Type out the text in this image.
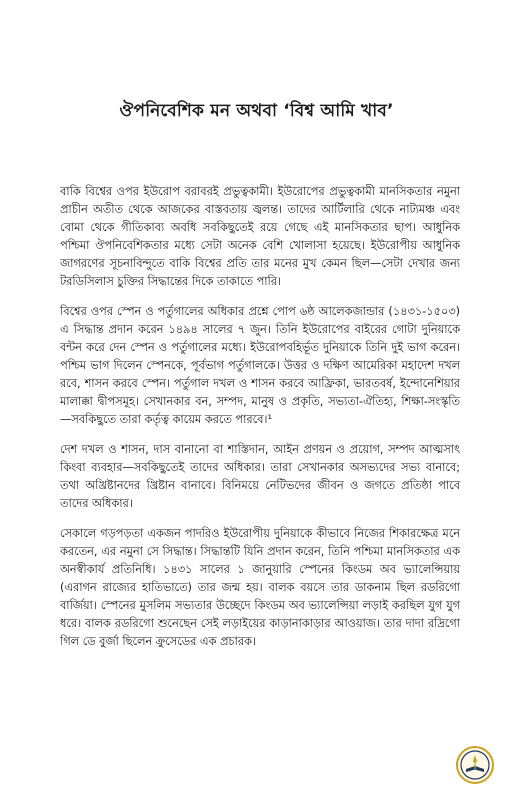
ঔপনিবেশিক মন অথবা ‘বিশ্ব আমি খাব’

বাকি বিশ্বের ওপর ইউরোপ বরাবরই প্রভুত্বকামী। ইউরোপের প্রভুত্বকামী মানসিকতার নমুনা প্রাচীন অতীত থেকে আজকের বাস্তবতায় জ্বলন্ত। তাদের আর্টিলারি থেকে নাট্যমঞ্চ এবং বোমা থেকে গীতিকাব্য অবধি সবকিছুতেই রয়ে গেছে এই মানসিকতার ছাপ। আধুনিক পশ্চিমা ঔপনিবেশিকতার মধ্যে সেটা অনেক বেশি খোলাসা হয়েছে। ইউরোপীয় আধুনিক জাগরণের সূচনাবিন্দুতে বাকি বিশ্বের প্রতি তার মনের মুখ কেমন ছিল—সেটা দেখার জন্য টরডিসিলাস চুক্তির সিদ্ধান্তের দিকে তাকাতে পারি।

বিশ্বের ওপর স্পেন ও পর্তুগালের অধিকার প্রশ্নে পোপ ৬ষ্ঠ আলেকজান্ডার (১৪৩১-১৫০৩) এ সিদ্ধান্ত প্রদান করেন ১৪৯৪ সালের ৭ জুন। তিনি ইউরোপের বাইরের গোটা দুনিয়াকে বন্টন করে দেন স্পেন ও পর্তুগালের মধ্যে। ইউরোপবহির্ভূত দুনিয়াকে তিনি দুই ভাগ করেন। পশ্চিম ভাগ দিলেন স্পেনকে, পূর্বভাগ পর্তুগালকে। উত্তর ও দক্ষিণ আমেরিকা মহাদেশ দখল রবে, শাসন করবে স্পেন। পর্তুগাল দখল ও শাসন করবে আফ্রিকা, ভারতবর্ষ, ইন্দোনেশিয়ার মালাক্কা দ্বীপসমূহ। সেখানকার বন, সম্পদ, মানুষ ও প্রকৃতি, সভ্যতা-ঐতিহ্য, শিক্ষা-সংস্কৃতি—সবকিছুতে তারা কর্তৃত্ব কায়েম করতে পারবে।¹

দেশ দখল ও শাসন, দাস বানানো বা শাস্তিদান, আইন প্রণয়ন ও প্রয়োগ, সম্পদ আত্মসাৎ কিংবা ব্যবহার—সবকিছুতেই তাদের অধিকার। তারা সেখানকার অসভ্যদের সভ্য বানাবে; তথা অখ্রিষ্টানদের খ্রিষ্টান বানাবে। বিনিময়ে নেটিভদের জীবন ও জগতে প্রতিষ্ঠা পাবে তাদের অধিকার।

সেকালে গড়পড়তা একজন পাদরিও ইউরোপীয় দুনিয়াকে কীভাবে নিজের শিকারক্ষেত্র মনে করতেন, এর নমুনা সে সিদ্ধান্ত। সিদ্ধান্তটি যিনি প্রদান করেন, তিনি পশ্চিমা মানসিকতার এক অনস্বীকার্য প্রতিনিধি। ১৪৩১ সালের ১ জানুয়ারি স্পেনের কিংডম অব ভ্যালেন্সিয়ায় (এরাগন রাজ্যের হাতিভাতে) তার জন্ম হয়। বালক বয়সে তার ডাকনাম ছিল রডরিগো বার্জিয়া। স্পেনের মুসলিম সভ্যতার উচ্ছেদে কিংডম অব ভ্যালেন্সিয়া লড়াই করছিল যুগ যুগ ধরে। বালক রডরিগো শুনেছেন সেই লড়াইয়ের কাড়ানাকাড়ার আওয়াজ। তার দাদা রদ্রিগো গিল ডে বুর্জা ছিলেন ক্রুসেডের এক প্রচারক।
